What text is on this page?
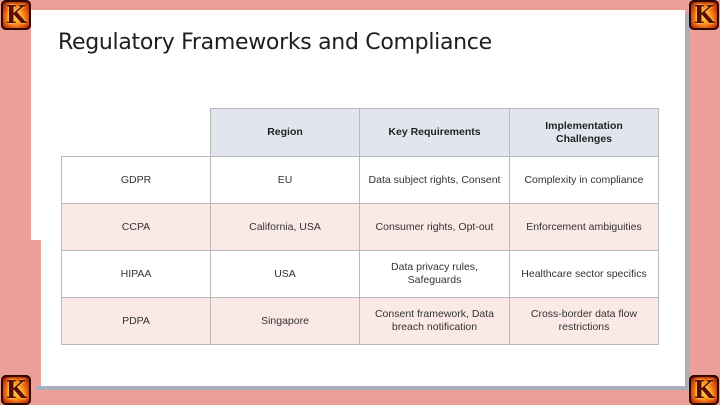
K	K
K	K
Regulatory Frameworks and Compliance
	Region	Key Requirements	Implementation Challenges
GDPR	EU	Data subject rights, Consent	Complexity in compliance
CCPA	California, USA	Consumer rights, Opt-out	Enforcement ambiguities
HIPAA	USA	Data privacy rules, Safeguards	Healthcare sector specifics
PDPA	Singapore	Consent framework, Data breach notification	Cross-border data flow restrictions
